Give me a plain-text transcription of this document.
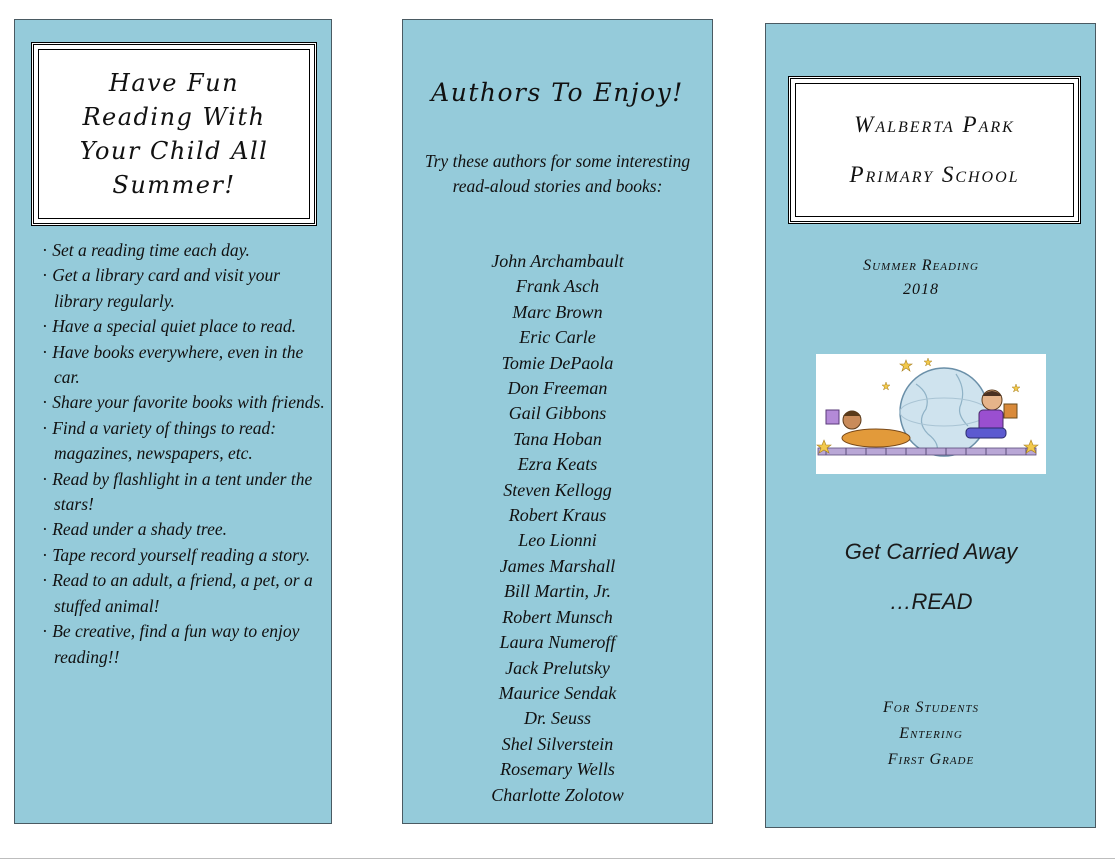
Have Fun
Reading With
Your Child All
Summer!
· Set a reading time each day.
· Get a library card and visit your library regularly.
· Have a special quiet place to read.
· Have books everywhere, even in the car.
· Share your favorite books with friends.
· Find a variety of things to read: magazines, newspapers, etc.
· Read by flashlight in a tent under the stars!
· Read under a shady tree.
· Tape record yourself reading a story.
· Read to an adult, a friend, a pet, or a stuffed animal!
· Be creative, find a fun way to enjoy reading!!
Authors To Enjoy!
Try these authors for some interesting read-aloud stories and books:
John Archambault
Frank Asch
Marc Brown
Eric Carle
Tomie DePaola
Don Freeman
Gail Gibbons
Tana Hoban
Ezra Keats
Steven Kellogg
Robert Kraus
Leo Lionni
James Marshall
Bill Martin, Jr.
Robert Munsch
Laura Numeroff
Jack Prelutsky
Maurice Sendak
Dr. Seuss
Shel Silverstein
Rosemary Wells
Charlotte Zolotow
Walberta Park
Primary School
Summer Reading
2018
Get Carried Away
…READ
For Students
Entering
First Grade
